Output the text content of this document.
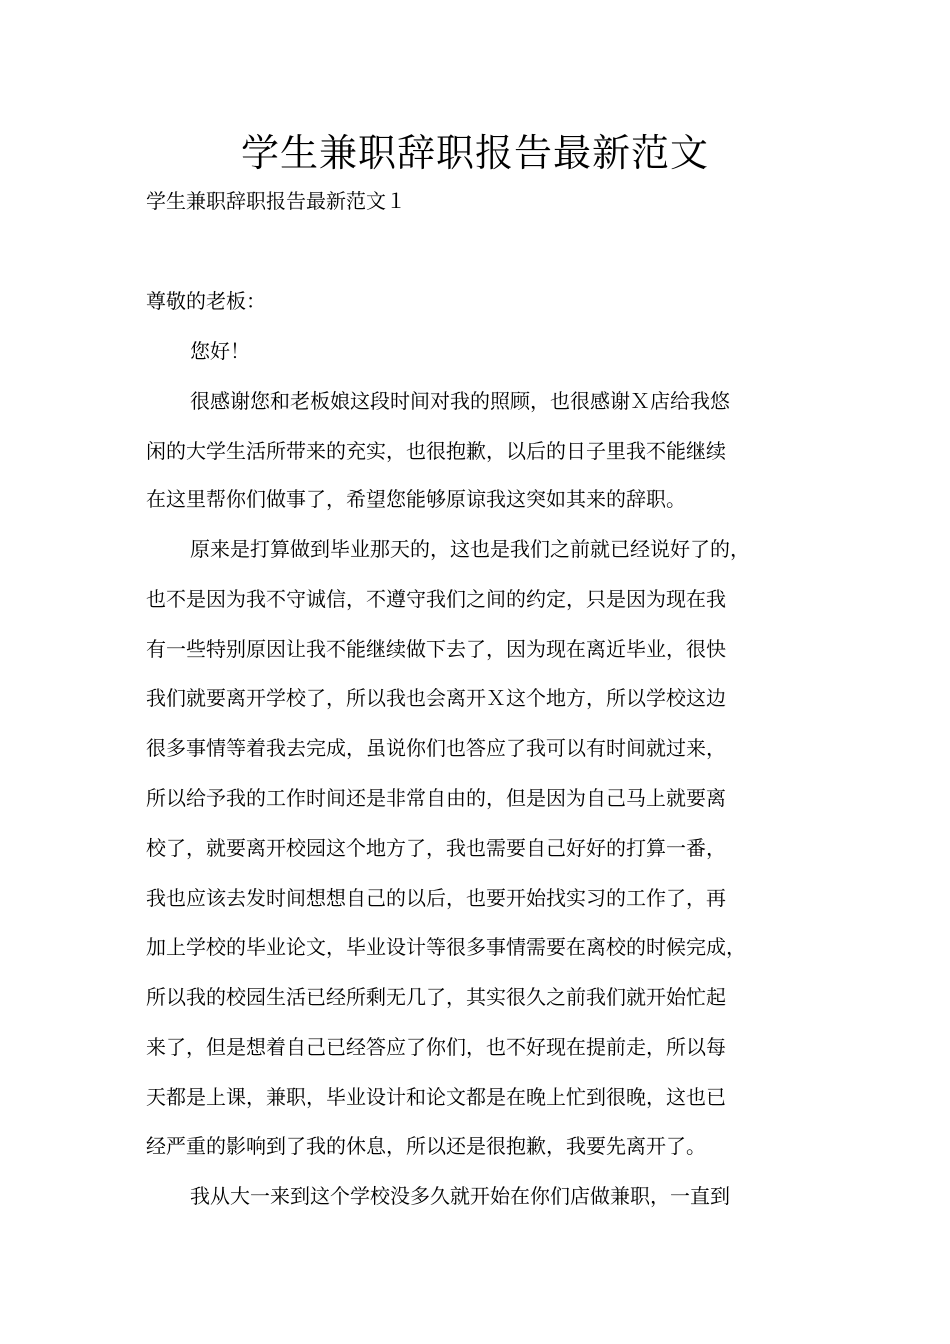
学生兼职辞职报告最新范文

学生兼职辞职报告最新范文１

尊敬的老板：

您好！

很感谢您和老板娘这段时间对我的照顾，也很感谢Ｘ店给我悠

闲的大学生活所带来的充实，也很抱歉，以后的日子里我不能继续

在这里帮你们做事了，希望您能够原谅我这突如其来的辞职。

原来是打算做到毕业那天的，这也是我们之前就已经说好了的，

也不是因为我不守诚信，不遵守我们之间的约定，只是因为现在我

有一些特别原因让我不能继续做下去了，因为现在离近毕业，很快

我们就要离开学校了，所以我也会离开Ｘ这个地方，所以学校这边

很多事情等着我去完成，虽说你们也答应了我可以有时间就过来，

所以给予我的工作时间还是非常自由的，但是因为自己马上就要离

校了，就要离开校园这个地方了，我也需要自己好好的打算一番，

我也应该去发时间想想自己的以后，也要开始找实习的工作了，再

加上学校的毕业论文，毕业设计等很多事情需要在离校的时候完成，

所以我的校园生活已经所剩无几了，其实很久之前我们就开始忙起

来了，但是想着自己已经答应了你们，也不好现在提前走，所以每

天都是上课，兼职，毕业设计和论文都是在晚上忙到很晚，这也已

经严重的影响到了我的休息，所以还是很抱歉，我要先离开了。

我从大一来到这个学校没多久就开始在你们店做兼职，一直到
